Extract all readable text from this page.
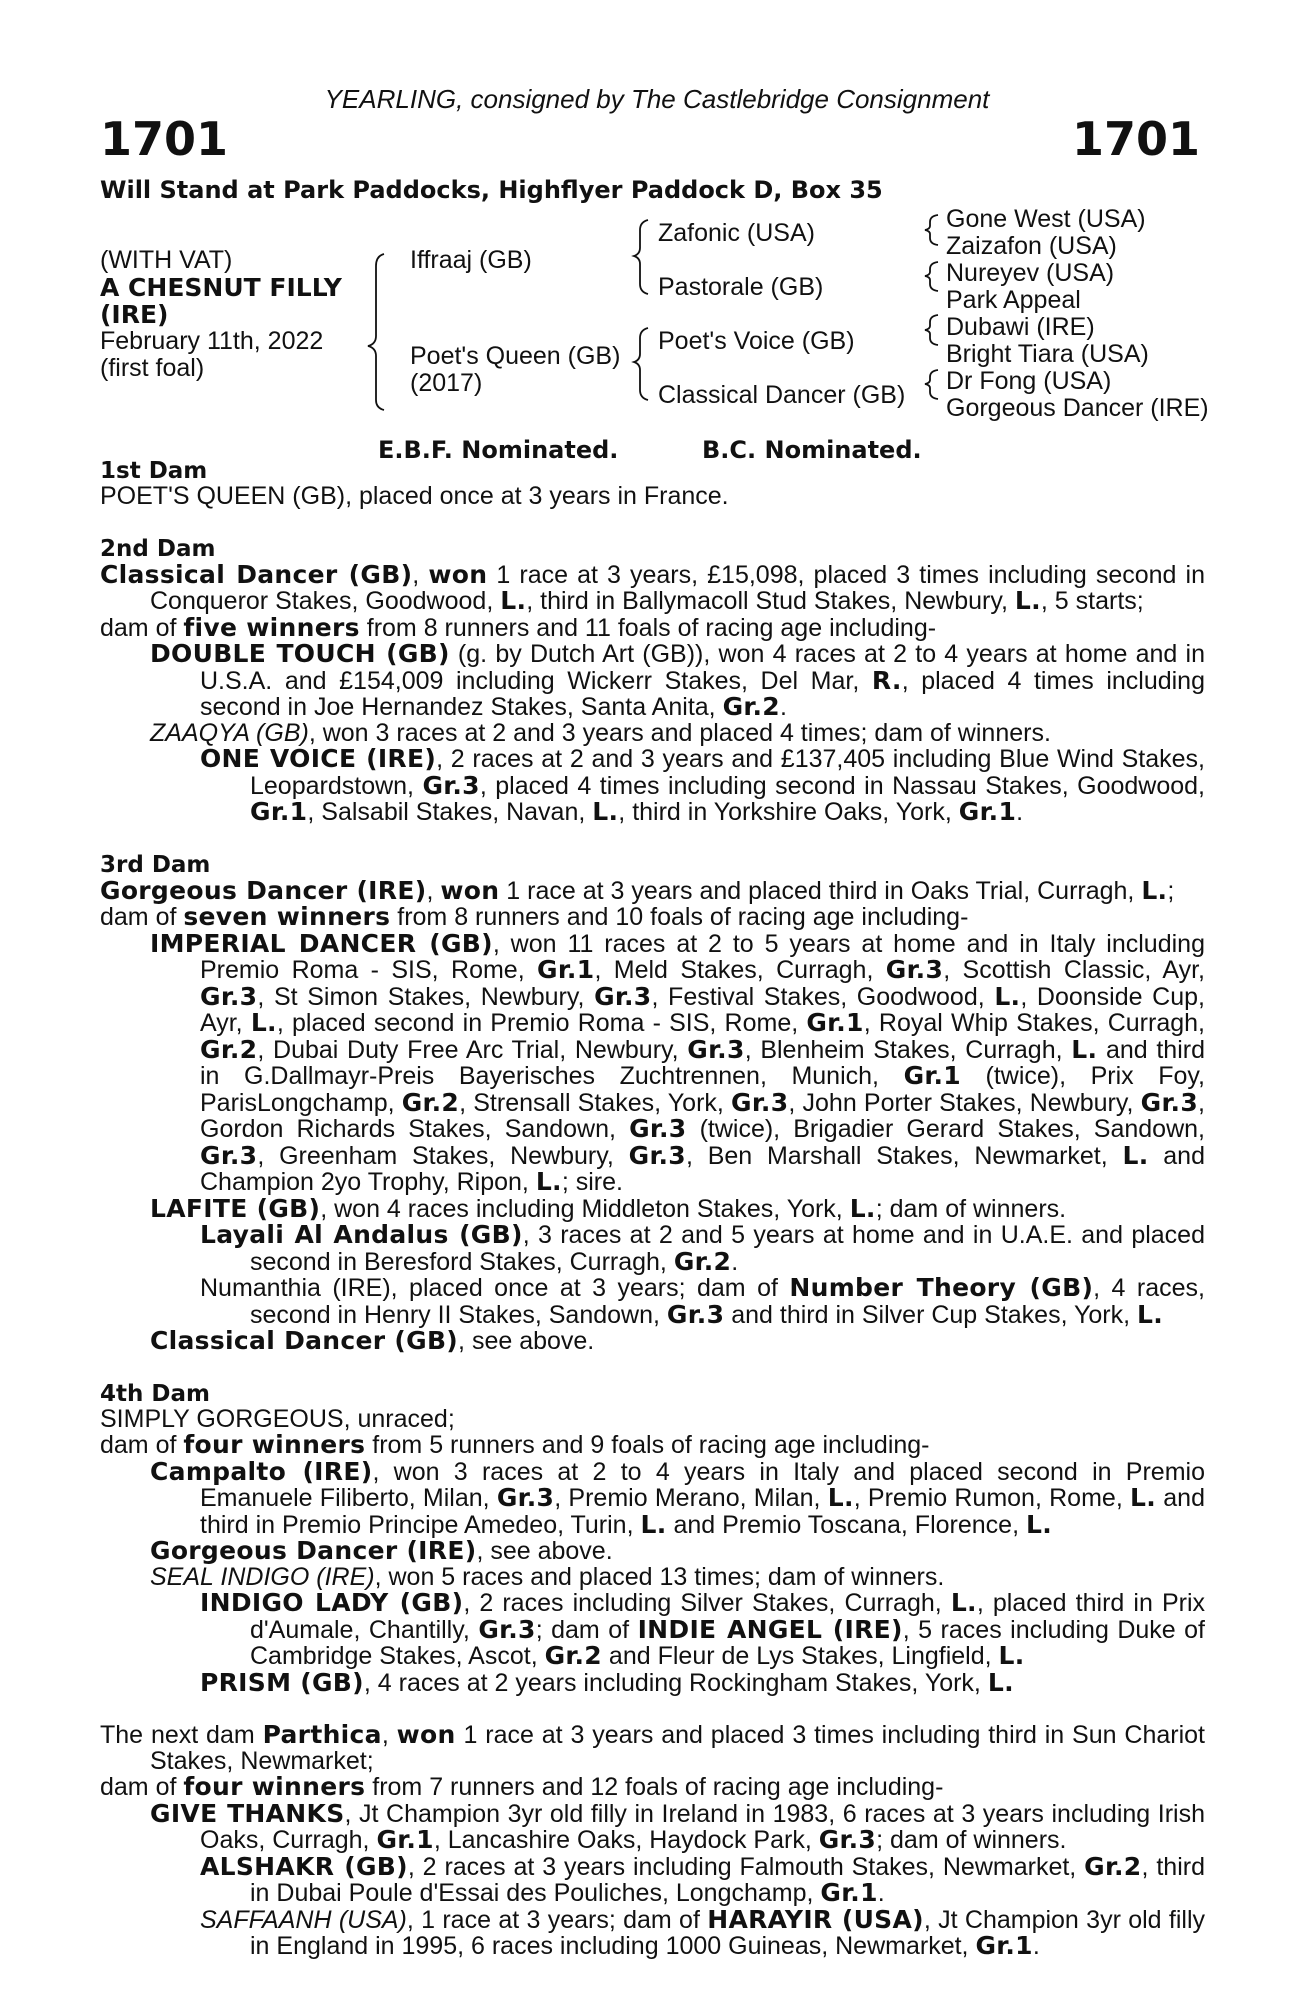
YEARLING, consigned by The Castlebridge Consignment
1701	1701
Will Stand at Park Paddocks, Highflyer Paddock D, Box 35
(WITH VAT)
A CHESNUT FILLY
(IRE)
February 11th, 2022
(first foal)
Iffraaj (GB)
Poet's Queen (GB)
(2017)
Zafonic (USA)
Pastorale (GB)
Poet's Voice (GB)
Classical Dancer (GB)
Gone West (USA)
Zaizafon (USA)
Nureyev (USA)
Park Appeal
Dubawi (IRE)
Bright Tiara (USA)
Dr Fong (USA)
Gorgeous Dancer (IRE)
E.B.F. Nominated.	B.C. Nominated.
1st Dam
POET'S QUEEN (GB), placed once at 3 years in France.
2nd Dam
Classical Dancer (GB), won 1 race at 3 years, £15,098, placed 3 times including second in Conqueror Stakes, Goodwood, L., third in Ballymacoll Stud Stakes, Newbury, L., 5 starts;
dam of five winners from 8 runners and 11 foals of racing age including-
DOUBLE TOUCH (GB) (g. by Dutch Art (GB)), won 4 races at 2 to 4 years at home and in U.S.A. and £154,009 including Wickerr Stakes, Del Mar, R., placed 4 times including second in Joe Hernandez Stakes, Santa Anita, Gr.2.
ZAAQYA (GB), won 3 races at 2 and 3 years and placed 4 times; dam of winners.
ONE VOICE (IRE), 2 races at 2 and 3 years and £137,405 including Blue Wind Stakes, Leopardstown, Gr.3, placed 4 times including second in Nassau Stakes, Goodwood, Gr.1, Salsabil Stakes, Navan, L., third in Yorkshire Oaks, York, Gr.1.
3rd Dam
Gorgeous Dancer (IRE), won 1 race at 3 years and placed third in Oaks Trial, Curragh, L.;
dam of seven winners from 8 runners and 10 foals of racing age including-
IMPERIAL DANCER (GB), won 11 races at 2 to 5 years at home and in Italy including Premio Roma - SIS, Rome, Gr.1, Meld Stakes, Curragh, Gr.3, Scottish Classic, Ayr, Gr.3, St Simon Stakes, Newbury, Gr.3, Festival Stakes, Goodwood, L., Doonside Cup, Ayr, L., placed second in Premio Roma - SIS, Rome, Gr.1, Royal Whip Stakes, Curragh, Gr.2, Dubai Duty Free Arc Trial, Newbury, Gr.3, Blenheim Stakes, Curragh, L. and third in G.Dallmayr-Preis Bayerisches Zuchtrennen, Munich, Gr.1 (twice), Prix Foy, ParisLongchamp, Gr.2, Strensall Stakes, York, Gr.3, John Porter Stakes, Newbury, Gr.3, Gordon Richards Stakes, Sandown, Gr.3 (twice), Brigadier Gerard Stakes, Sandown, Gr.3, Greenham Stakes, Newbury, Gr.3, Ben Marshall Stakes, Newmarket, L. and Champion 2yo Trophy, Ripon, L.; sire.
LAFITE (GB), won 4 races including Middleton Stakes, York, L.; dam of winners.
Layali Al Andalus (GB), 3 races at 2 and 5 years at home and in U.A.E. and placed second in Beresford Stakes, Curragh, Gr.2.
Numanthia (IRE), placed once at 3 years; dam of Number Theory (GB), 4 races, second in Henry II Stakes, Sandown, Gr.3 and third in Silver Cup Stakes, York, L.
Classical Dancer (GB), see above.
4th Dam
SIMPLY GORGEOUS, unraced;
dam of four winners from 5 runners and 9 foals of racing age including-
Campalto (IRE), won 3 races at 2 to 4 years in Italy and placed second in Premio Emanuele Filiberto, Milan, Gr.3, Premio Merano, Milan, L., Premio Rumon, Rome, L. and third in Premio Principe Amedeo, Turin, L. and Premio Toscana, Florence, L.
Gorgeous Dancer (IRE), see above.
SEAL INDIGO (IRE), won 5 races and placed 13 times; dam of winners.
INDIGO LADY (GB), 2 races including Silver Stakes, Curragh, L., placed third in Prix d'Aumale, Chantilly, Gr.3; dam of INDIE ANGEL (IRE), 5 races including Duke of Cambridge Stakes, Ascot, Gr.2 and Fleur de Lys Stakes, Lingfield, L.
PRISM (GB), 4 races at 2 years including Rockingham Stakes, York, L.
The next dam Parthica, won 1 race at 3 years and placed 3 times including third in Sun Chariot Stakes, Newmarket;
dam of four winners from 7 runners and 12 foals of racing age including-
GIVE THANKS, Jt Champion 3yr old filly in Ireland in 1983, 6 races at 3 years including Irish Oaks, Curragh, Gr.1, Lancashire Oaks, Haydock Park, Gr.3; dam of winners.
ALSHAKR (GB), 2 races at 3 years including Falmouth Stakes, Newmarket, Gr.2, third in Dubai Poule d'Essai des Pouliches, Longchamp, Gr.1.
SAFFAANH (USA), 1 race at 3 years; dam of HARAYIR (USA), Jt Champion 3yr old filly in England in 1995, 6 races including 1000 Guineas, Newmarket, Gr.1.
